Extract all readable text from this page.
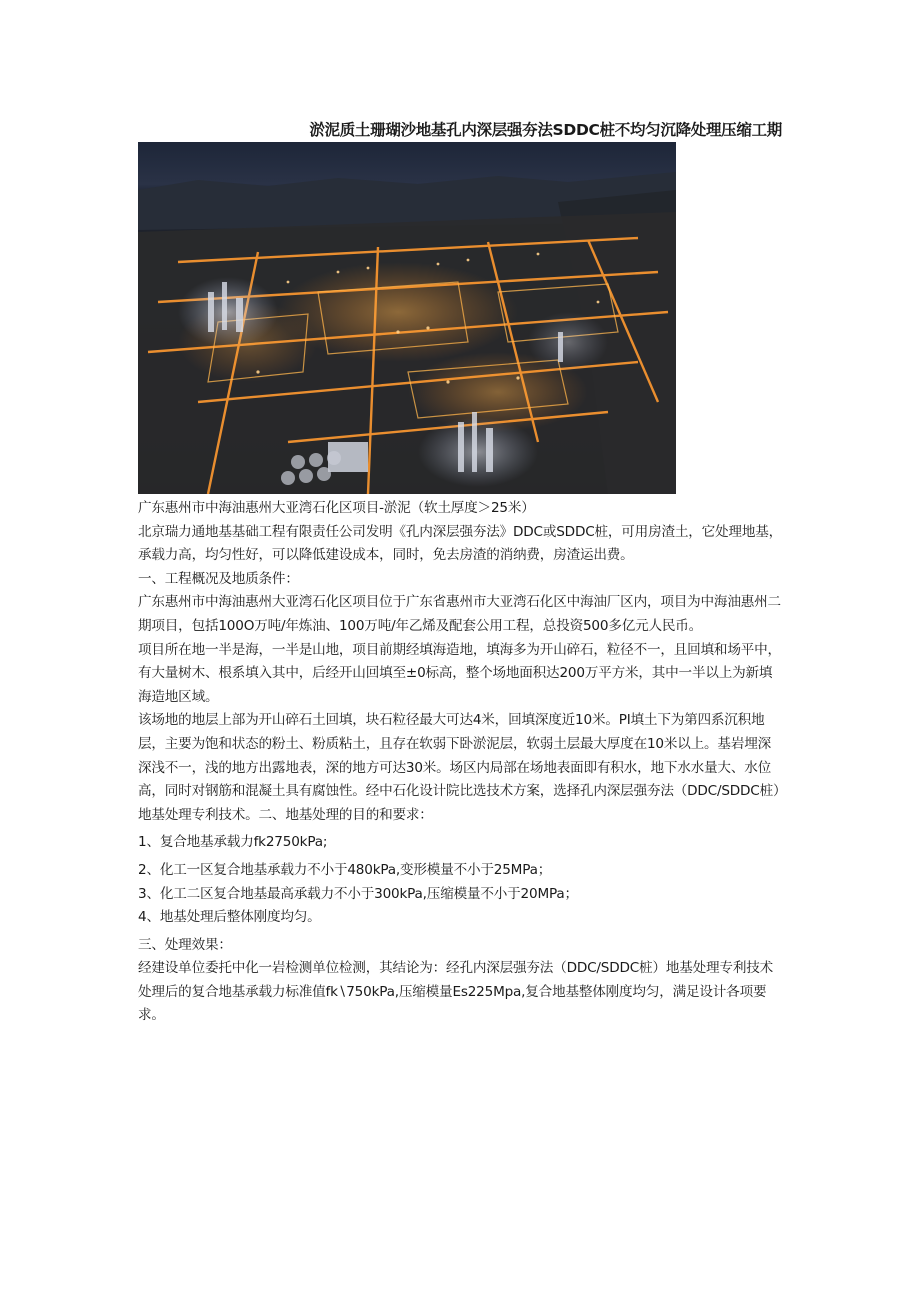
淤泥质土珊瑚沙地基孔内深层强夯法SDDC桩不均匀沉降处理压缩工期

广东惠州市中海油惠州大亚湾石化区项目-淤泥（软土厚度＞25米）

北京瑞力通地基基础工程有限责任公司发明《孔内深层强夯法》DDC或SDDC桩，可用房渣土，它处理地基，承载力高，均匀性好，可以降低建设成本，同时，免去房渣的消纳费，房渣运出费。

一、工程概况及地质条件：

广东惠州市中海油惠州大亚湾石化区项目位于广东省惠州市大亚湾石化区中海油厂区内，项目为中海油惠州二期项目，包括100O万吨/年炼油、100万吨/年乙烯及配套公用工程，总投资500多亿元人民币。

项目所在地一半是海，一半是山地，项目前期经填海造地，填海多为开山碎石，粒径不一，且回填和场平中，有大量树木、根系填入其中，后经开山回填至±0标高，整个场地面积达200万平方米，其中一半以上为新填海造地区域。

该场地的地层上部为开山碎石土回填，块石粒径最大可达4米，回填深度近10米。PI填土下为第四系沉积地层，主要为饱和状态的粉土、粉质粘土，且存在软弱下卧淤泥层，软弱土层最大厚度在10米以上。基岩埋深深浅不一，浅的地方出露地表，深的地方可达30米。场区内局部在场地表面即有积水，地下水水量大、水位高，同时对钢筋和混凝土具有腐蚀性。经中石化设计院比选技术方案，选择孔内深层强夯法（DDC/SDDC桩）地基处理专利技术。二、地基处理的目的和要求：

1、复合地基承载力fk2750kPa;

2、化工一区复合地基承载力不小于480kPa,变形模量不小于25MPa；

3、化工二区复合地基最高承载力不小于300kPa,压缩模量不小于20MPa；

4、地基处理后整体刚度均匀。

三、处理效果：

经建设单位委托中化一岩检测单位检测，其结论为：经孔内深层强夯法（DDC∕SDDC桩）地基处理专利技术处理后的复合地基承载力标准值fk∖750kPa,压缩模量Es225Mpa,复合地基整体刚度均匀，满足设计各项要求。
